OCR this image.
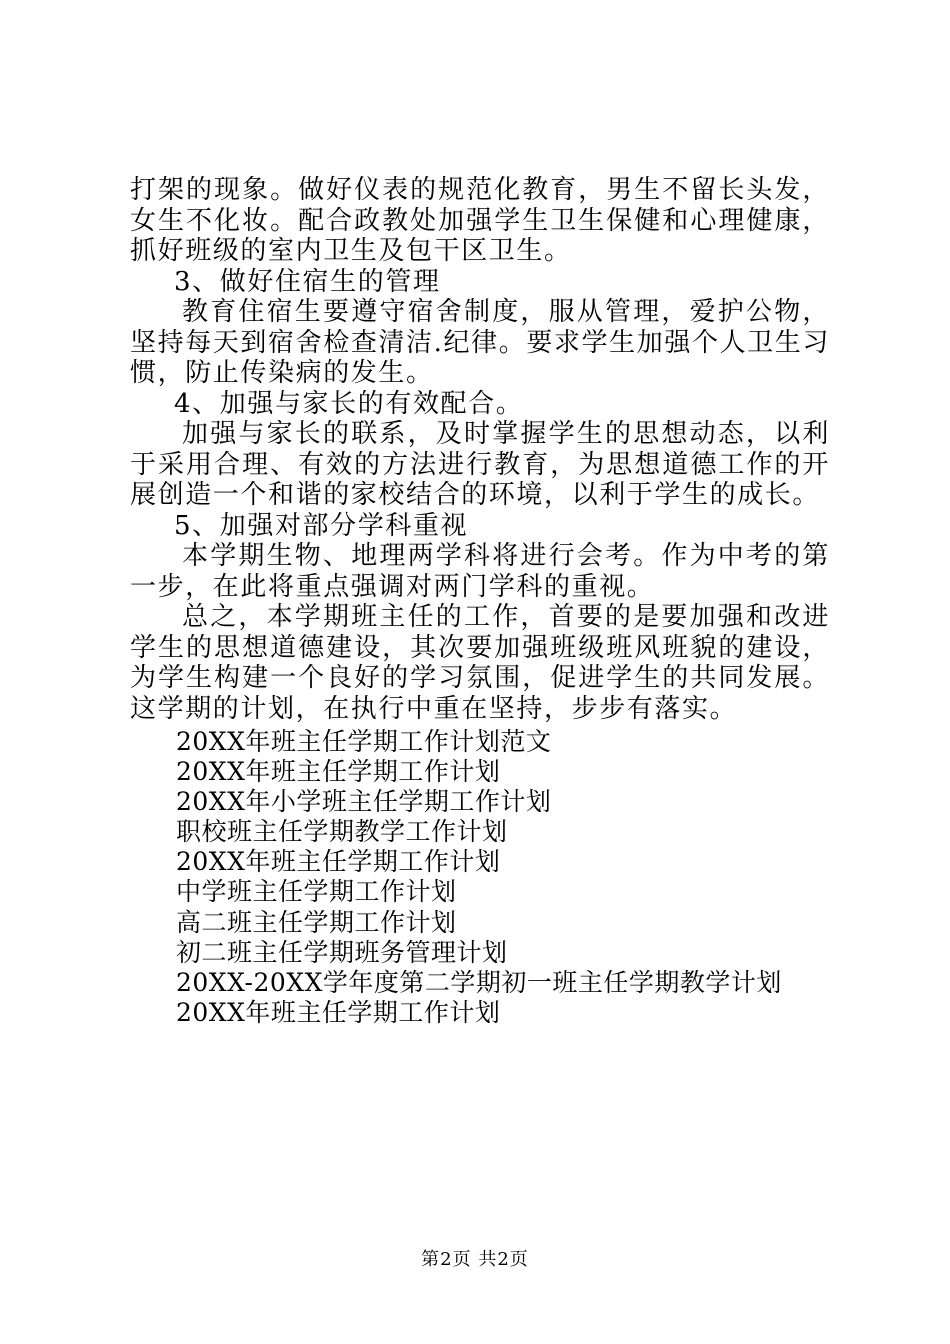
打架的现象。做好仪表的规范化教育，男生不留长头发，女生不化妆。配合政教处加强学生卫生保健和心理健康，抓好班级的室内卫生及包干区卫生。

3、做好住宿生的管理

教育住宿生要遵守宿舍制度，服从管理，爱护公物，坚持每天到宿舍检查清洁.纪律。要求学生加强个人卫生习惯，防止传染病的发生。

4、加强与家长的有效配合。

加强与家长的联系，及时掌握学生的思想动态，以利于采用合理、有效的方法进行教育，为思想道德工作的开展创造一个和谐的家校结合的环境，以利于学生的成长。

5、加强对部分学科重视

本学期生物、地理两学科将进行会考。作为中考的第一步，在此将重点强调对两门学科的重视。

总之，本学期班主任的工作，首要的是要加强和改进学生的思想道德建设，其次要加强班级班风班貌的建设，为学生构建一个良好的学习氛围，促进学生的共同发展。这学期的计划，在执行中重在坚持，步步有落实。

20XX年班主任学期工作计划范文

20XX年班主任学期工作计划

20XX年小学班主任学期工作计划

职校班主任学期教学工作计划

20XX年班主任学期工作计划

中学班主任学期工作计划

高二班主任学期工作计划

初二班主任学期班务管理计划

20XX-20XX学年度第二学期初一班主任学期教学计划

20XX年班主任学期工作计划

第2页 共2页
